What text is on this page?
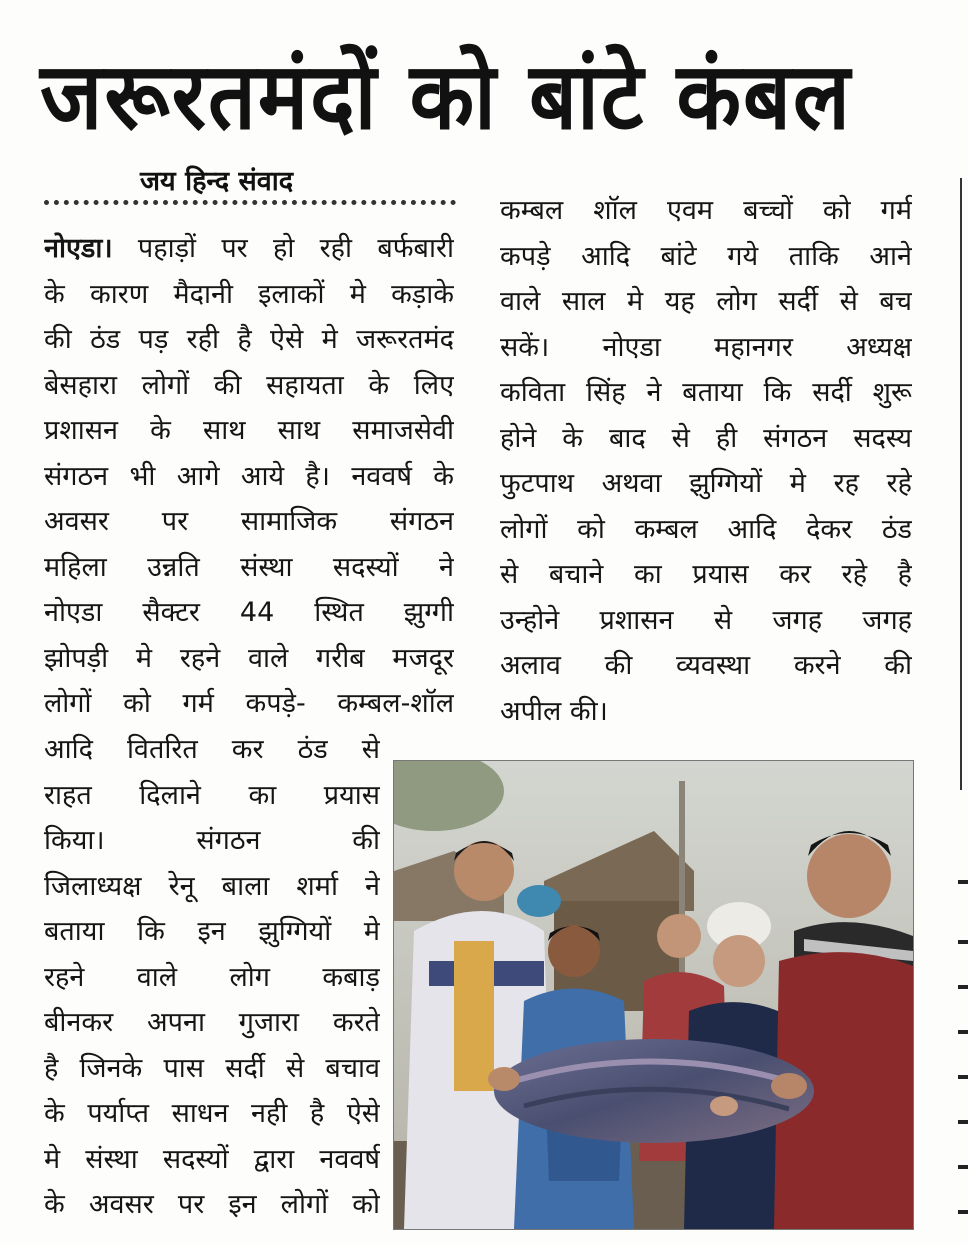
जरूरतमंदों को बांटे कंबल
जय हिन्द संवाद
नोएडा। पहाड़ों पर हो रही बर्फबारी
के कारण मैदानी इलाकों मे कड़ाके
की ठंड पड़ रही है ऐसे मे जरूरतमंद
बेसहारा लोगों की सहायता के लिए
प्रशासन के साथ साथ समाजसेवी
संगठन भी आगे आये है। नववर्ष के
अवसर पर सामाजिक संगठन
महिला उन्नति संस्था सदस्यों ने
नोएडा सैक्टर 44 स्थित झुग्गी
झोपड़ी मे रहने वाले गरीब मजदूर
लोगों को गर्म कपड़े- कम्बल-शॉल
आदि वितरित कर ठंड से
राहत दिलाने का प्रयास
किया। संगठन की
जिलाध्यक्ष रेनू बाला शर्मा ने
बताया कि इन झुग्गियों मे
रहने वाले लोग कबाड़
बीनकर अपना गुजारा करते
है जिनके पास सर्दी से बचाव
के पर्याप्त साधन नही है ऐसे
मे संस्था सदस्यों द्वारा नववर्ष
के अवसर पर इन लोगों को
कम्बल शॉल एवम बच्चों को गर्म
कपड़े आदि बांटे गये ताकि आने
वाले साल मे यह लोग सर्दी से बच
सकें। नोएडा महानगर अध्यक्ष
कविता सिंह ने बताया कि सर्दी शुरू
होने के बाद से ही संगठन सदस्य
फुटपाथ अथवा झुग्गियों मे रह रहे
लोगों को कम्बल आदि देकर ठंड
से बचाने का प्रयास कर रहे है
उन्होने प्रशासन से जगह जगह
अलाव की व्यवस्था करने की
अपील की।
